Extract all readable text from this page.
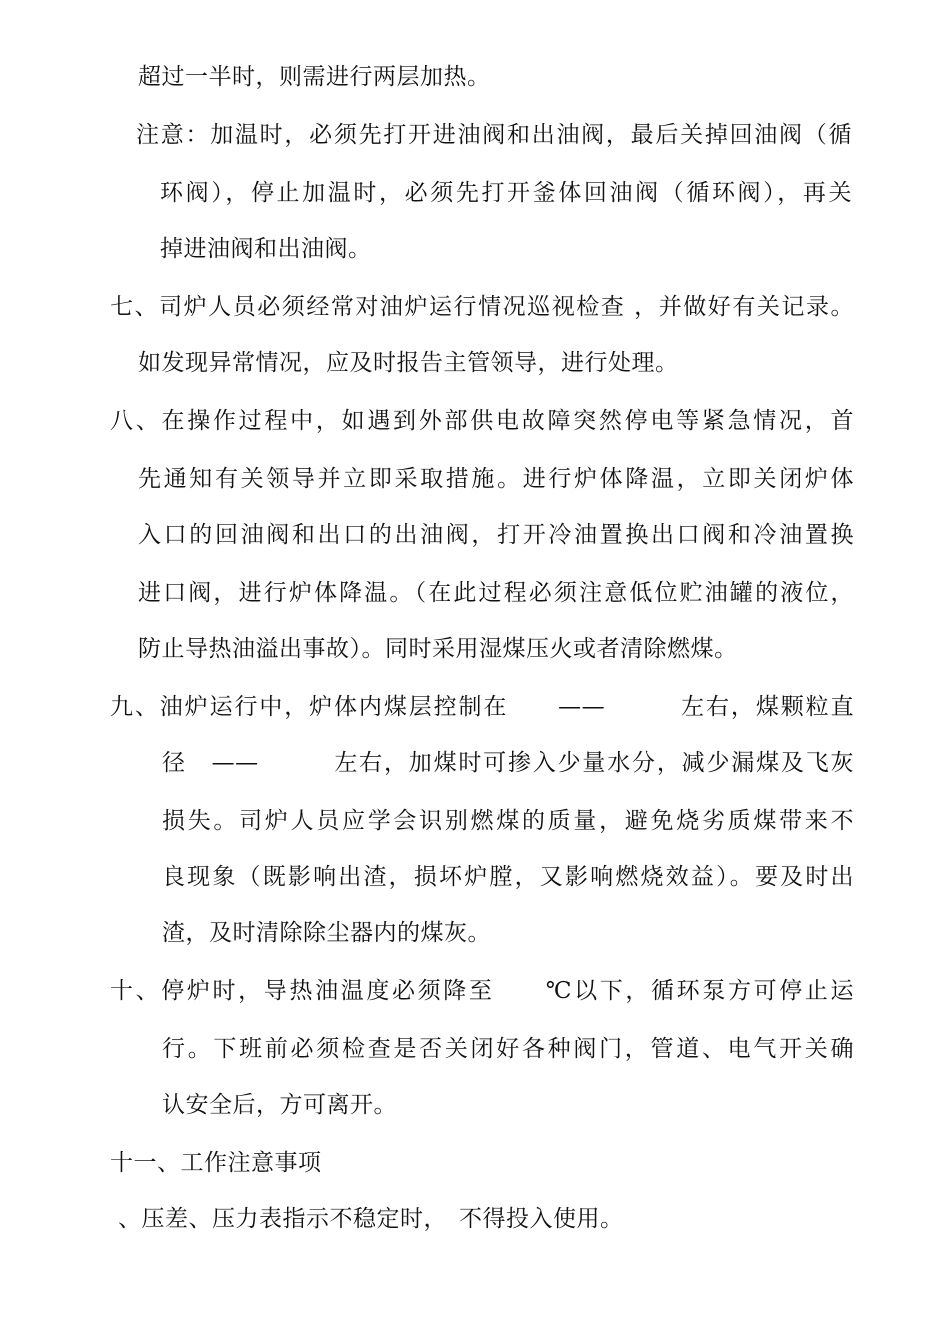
超过一半时，则需进行两层加热。
注意：加温时，必须先打开进油阀和出油阀，最后关掉回油阀（循
环阀），停止加温时，必须先打开釜体回油阀（循环阀），再关
掉进油阀和出油阀。
七、司炉人员必须经常对油炉运行情况巡视检查 ，并做好有关记录。
如发现异常情况，应及时报告主管领导，进行处理。
八、在操作过程中，如遇到外部供电故障突然停电等紧急情况，首
先通知有关领导并立即采取措施。进行炉体降温，立即关闭炉体
入口的回油阀和出口的出油阀，打开冷油置换出口阀和冷油置换
进口阀，进行炉体降温。（在此过程必须注意低位贮油罐的液位，
防止导热油溢出事故）。同时采用湿煤压火或者清除燃煤。
九、油炉运行中，炉体内煤层控制在　　——　　　左右，煤颗粒直
径　——　　　左右，加煤时可掺入少量水分，减少漏煤及飞灰
损失。司炉人员应学会识别燃煤的质量，避免烧劣质煤带来不
良现象（既影响出渣，损坏炉膛，又影响燃烧效益）。要及时出
渣，及时清除除尘器内的煤灰。
十、停炉时，导热油温度必须降至　　℃以下，循环泵方可停止运
行。下班前必须检查是否关闭好各种阀门，管道、电气开关确
认安全后，方可离开。
十一、工作注意事项
、压差、压力表指示不稳定时，　不得投入使用。
